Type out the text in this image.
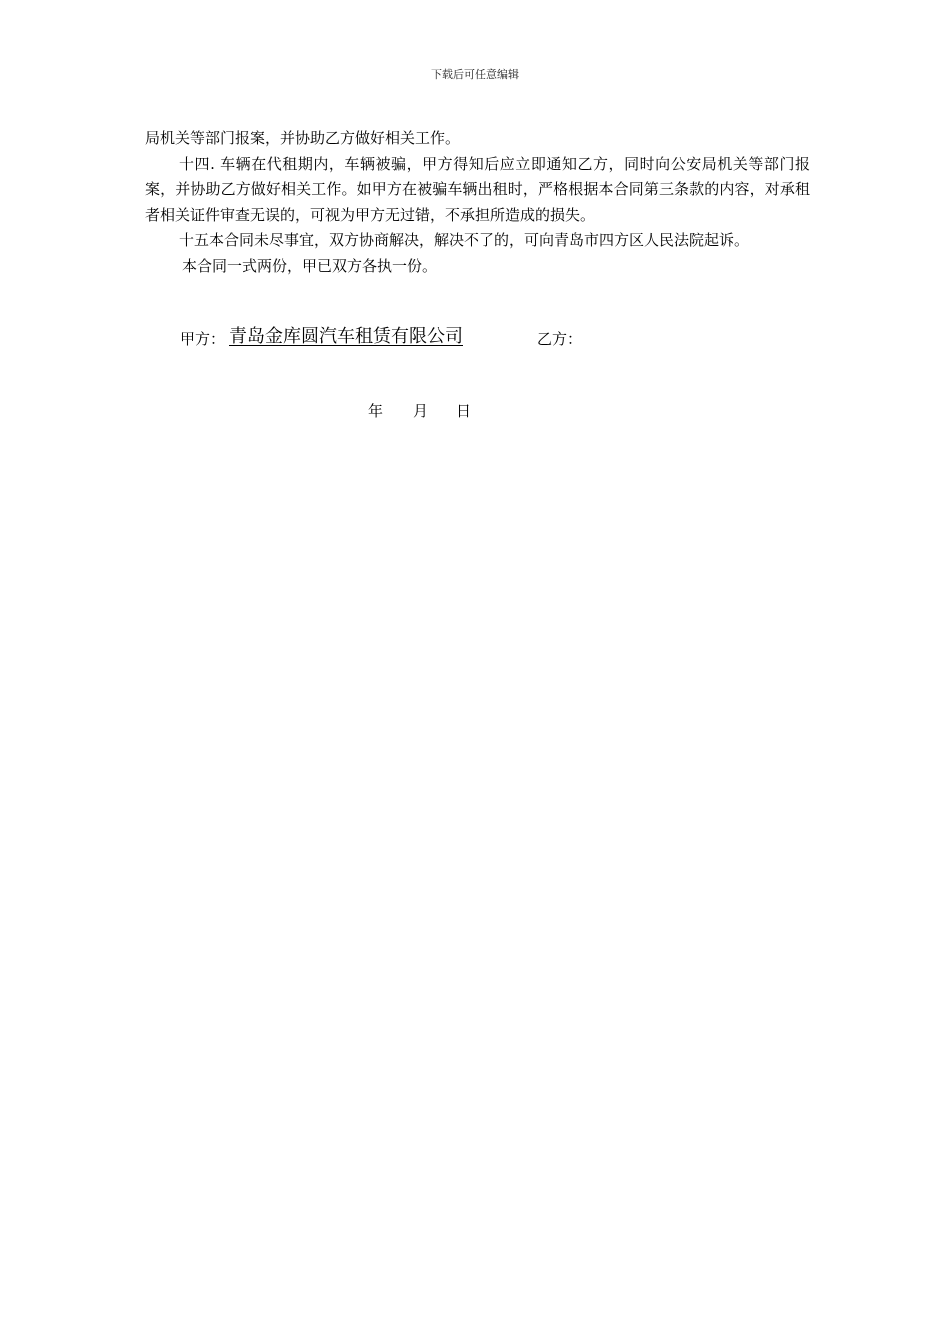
下载后可任意编辑

局机关等部门报案，并协助乙方做好相关工作。

十四. 车辆在代租期内，车辆被骗，甲方得知后应立即通知乙方，同时向公安局机关等部门报案，并协助乙方做好相关工作。如甲方在被骗车辆出租时，严格根据本合同第三条款的内容，对承租者相关证件审查无误的，可视为甲方无过错，不承担所造成的损失。

十五本合同未尽事宜，双方协商解决，解决不了的，可向青岛市四方区人民法院起诉。

本合同一式两份，甲已双方各执一份。

甲方： 青岛金库圆汽车租赁有限公司	乙方：
年 月 日
